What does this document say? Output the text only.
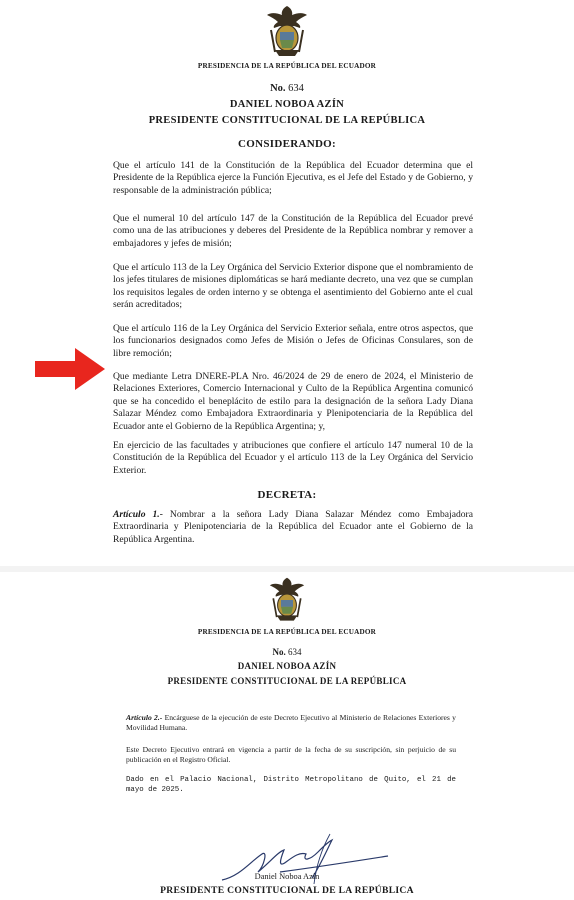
PRESIDENCIA DE LA REPÚBLICA DEL ECUADOR
No. 634
DANIEL NOBOA AZÍN
PRESIDENTE CONSTITUCIONAL DE LA REPÚBLICA
CONSIDERANDO:

Que el artículo 141 de la Constitución de la República del Ecuador determina que el Presidente de la República ejerce la Función Ejecutiva, es el Jefe del Estado y de Gobierno, y responsable de la administración pública;

Que el numeral 10 del artículo 147 de la Constitución de la República del Ecuador prevé como una de las atribuciones y deberes del Presidente de la República nombrar y remover a embajadores y jefes de misión;

Que el artículo 113 de la Ley Orgánica del Servicio Exterior dispone que el nombramiento de los jefes titulares de misiones diplomáticas se hará mediante decreto, una vez que se cumplan los requisitos legales de orden interno y se obtenga el asentimiento del Gobierno ante el cual serán acreditados;

Que el artículo 116 de la Ley Orgánica del Servicio Exterior señala, entre otros aspectos, que los funcionarios designados como Jefes de Misión o Jefes de Oficinas Consulares, son de libre remoción;

Que mediante Letra DNERE-PLA Nro. 46/2024 de 29 de enero de 2024, el Ministerio de Relaciones Exteriores, Comercio Internacional y Culto de la República Argentina comunicó que se ha concedido el beneplácito de estilo para la designación de la señora Lady Diana Salazar Méndez como Embajadora Extraordinaria y Plenipotenciaria de la República del Ecuador ante el Gobierno de la República Argentina; y,

En ejercicio de las facultades y atribuciones que confiere el artículo 147 numeral 10 de la Constitución de la República del Ecuador y el artículo 113 de la Ley Orgánica del Servicio Exterior.

DECRETA:

Artículo 1.- Nombrar a la señora Lady Diana Salazar Méndez como Embajadora Extraordinaria y Plenipotenciaria de la República del Ecuador ante el Gobierno de la República Argentina.

PRESIDENCIA DE LA REPÚBLICA DEL ECUADOR
No. 634
DANIEL NOBOA AZÍN
PRESIDENTE CONSTITUCIONAL DE LA REPÚBLICA

Artículo 2.- Encárguese de la ejecución de este Decreto Ejecutivo al Ministerio de Relaciones Exteriores y Movilidad Humana.

Este Decreto Ejecutivo entrará en vigencia a partir de la fecha de su suscripción, sin perjuicio de su publicación en el Registro Oficial.

Dado en el Palacio Nacional, Distrito Metropolitano de Quito, el 21 de mayo de 2025.

Daniel Noboa Azín
PRESIDENTE CONSTITUCIONAL DE LA REPÚBLICA
